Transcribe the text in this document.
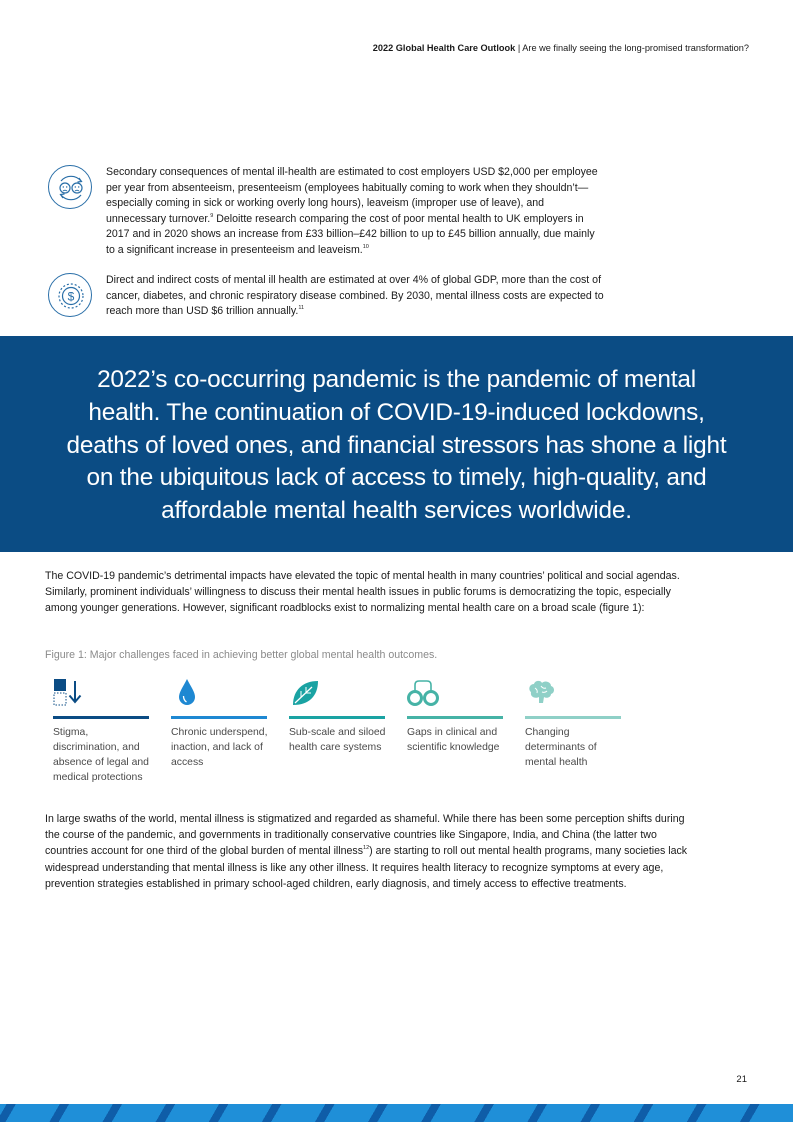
2022 Global Health Care Outlook | Are we finally seeing the long-promised transformation?

Secondary consequences of mental ill-health are estimated to cost employers USD $2,000 per employee per year from absenteeism, presenteeism (employees habitually coming to work when they shouldn’t—especially coming in sick or working overly long hours), leaveism (improper use of leave), and unnecessary turnover.$^9$ Deloitte research comparing the cost of poor mental health to UK employers in 2017 and in 2020 shows an increase from £33 billion–£42 billion to up to £45 billion annually, due mainly to a significant increase in presenteeism and leaveism.$^{10}$

$

Direct and indirect costs of mental ill health are estimated at over 4% of global GDP, more than the cost of cancer, diabetes, and chronic respiratory disease combined. By 2030, mental illness costs are expected to reach more than USD $6 trillion annually.$^{11}$

2022’s co-occurring pandemic is the pandemic of mental health. The continuation of COVID-19-induced lockdowns, deaths of loved ones, and financial stressors has shone a light on the ubiquitous lack of access to timely, high-quality, and affordable mental health services worldwide.

The COVID-19 pandemic’s detrimental impacts have elevated the topic of mental health in many countries’ political and social agendas. Similarly, prominent individuals’ willingness to discuss their mental health issues in public forums is democratizing the topic, especially among younger generations. However, significant roadblocks exist to normalizing mental health care on a broad scale (figure 1):

Figure 1: Major challenges faced in achieving better global mental health outcomes.

Stigma, discrimination, and absence of legal and medical protections
Chronic underspend, inaction, and lack of access
Sub-scale and siloed health care systems
Gaps in clinical and scientific knowledge
Changing determinants of mental health

In large swaths of the world, mental illness is stigmatized and regarded as shameful. While there has been some perception shifts during the course of the pandemic, and governments in traditionally conservative countries like Singapore, India, and China (the latter two countries account for one third of the global burden of mental illness$^{12}$) are starting to roll out mental health programs, many societies lack widespread understanding that mental illness is like any other illness. It requires health literacy to recognize symptoms at every age, prevention strategies established in primary school-aged children, early diagnosis, and timely access to effective treatments.

21
